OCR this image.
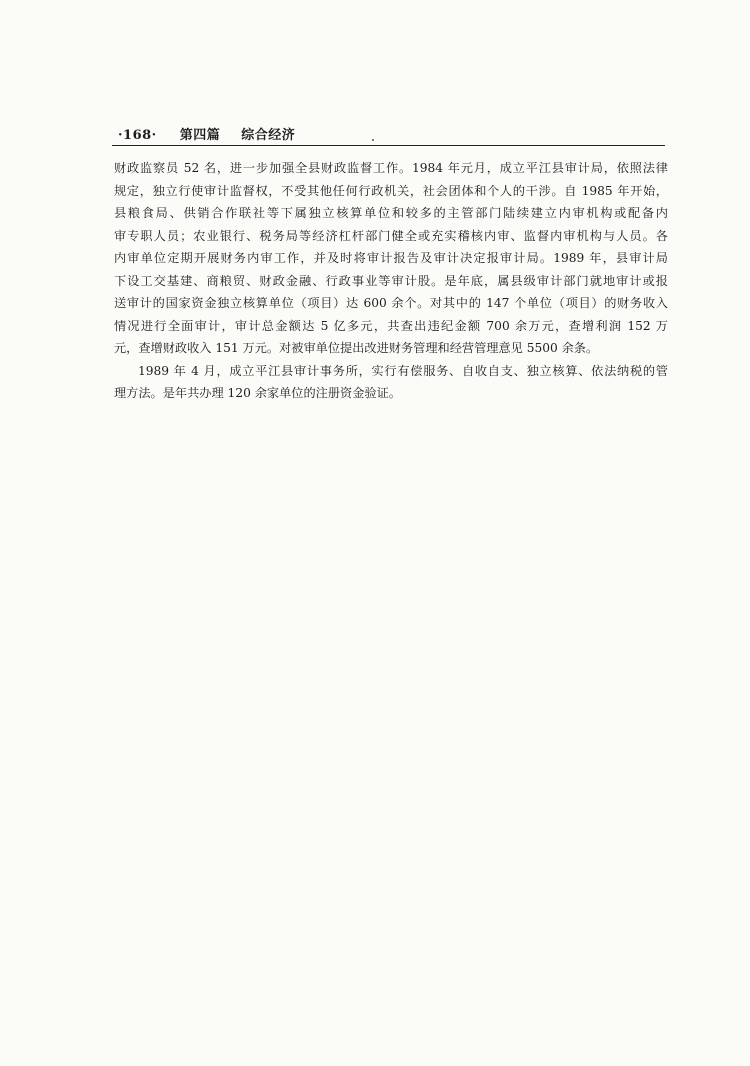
·168· 第四篇 综合经济
财政监察员 52 名，进一步加强全县财政监督工作。1984 年元月，成立平江县审计局，依照法律
规定，独立行使审计监督权，不受其他任何行政机关，社会团体和个人的干涉。自 1985 年开始，
县粮食局、供销合作联社等下属独立核算单位和较多的主管部门陆续建立内审机构或配备内
审专职人员；农业银行、税务局等经济杠杆部门健全或充实稽核内审、监督内审机构与人员。各
内审单位定期开展财务内审工作，并及时将审计报告及审计决定报审计局。1989 年，县审计局
下设工交基建、商粮贸、财政金融、行政事业等审计股。是年底，属县级审计部门就地审计或报
送审计的国家资金独立核算单位（项目）达 600 余个。对其中的 147 个单位（项目）的财务收入
情况进行全面审计，审计总金额达 5 亿多元，共查出违纪金额 700 余万元，查增利润 152 万
元，查增财政收入 151 万元。对被审单位提出改进财务管理和经营管理意见 5500 余条。
1989 年 4 月，成立平江县审计事务所，实行有偿服务、自收自支、独立核算、依法纳税的管
理方法。是年共办理 120 余家单位的注册资金验证。
